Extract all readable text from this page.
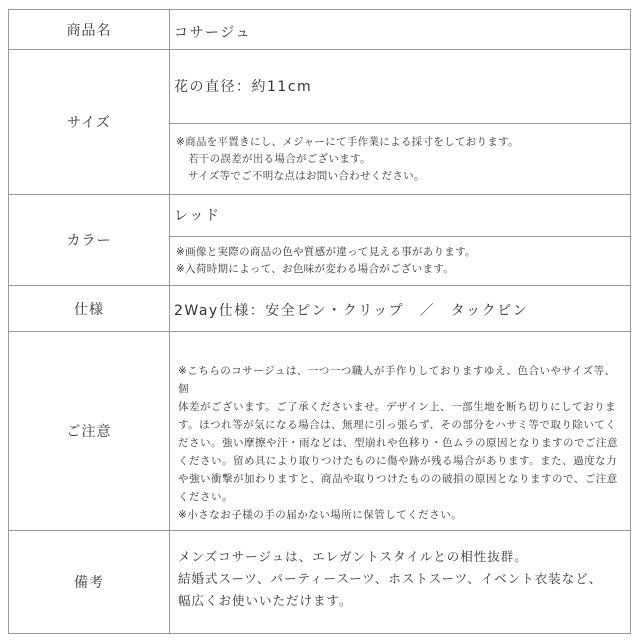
商品名	コサージュ
サイズ
花の直径：約11cm
※商品を平置きにし、メジャーにて手作業による採寸をしております。
若干の誤差が出る場合がございます。
サイズ等でご不明な点はお問い合わせください。
カラー
レッド
※画像と実際の商品の色や質感が違って見える事があります。
※入荷時期によって、お色味が変わる場合がございます。
仕様	2Way仕様：安全ピン・クリップ　／　タックピン
ご注意
※こちらのコサージュは、一つ一つ職人が手作りしておりますゆえ、色合いやサイズ等、個
体差がございます。ご了承くださいませ。デザイン上、一部生地を断ち切りにしておりま
す。ほつれ等が気になる場合は、無理に引っ張らず、その部分をハサミ等で取り除いてく
ださい。強い摩擦や汗・雨などは、型崩れや色移り・色ムラの原因となりますのでご注意
ください。留め具により取りつけたものに傷や跡が残る場合があります。また、過度な力
や強い衝撃が加わりますと、商品や取りつけたものの破損の原因となりますので、ご注意
ください。
※小さなお子様の手の届かない場所に保管してください。
備考
メンズコサージュは、エレガントスタイルとの相性抜群。
結婚式スーツ、パーティースーツ、ホストスーツ、イベント衣装など、
幅広くお使いいただけます。
